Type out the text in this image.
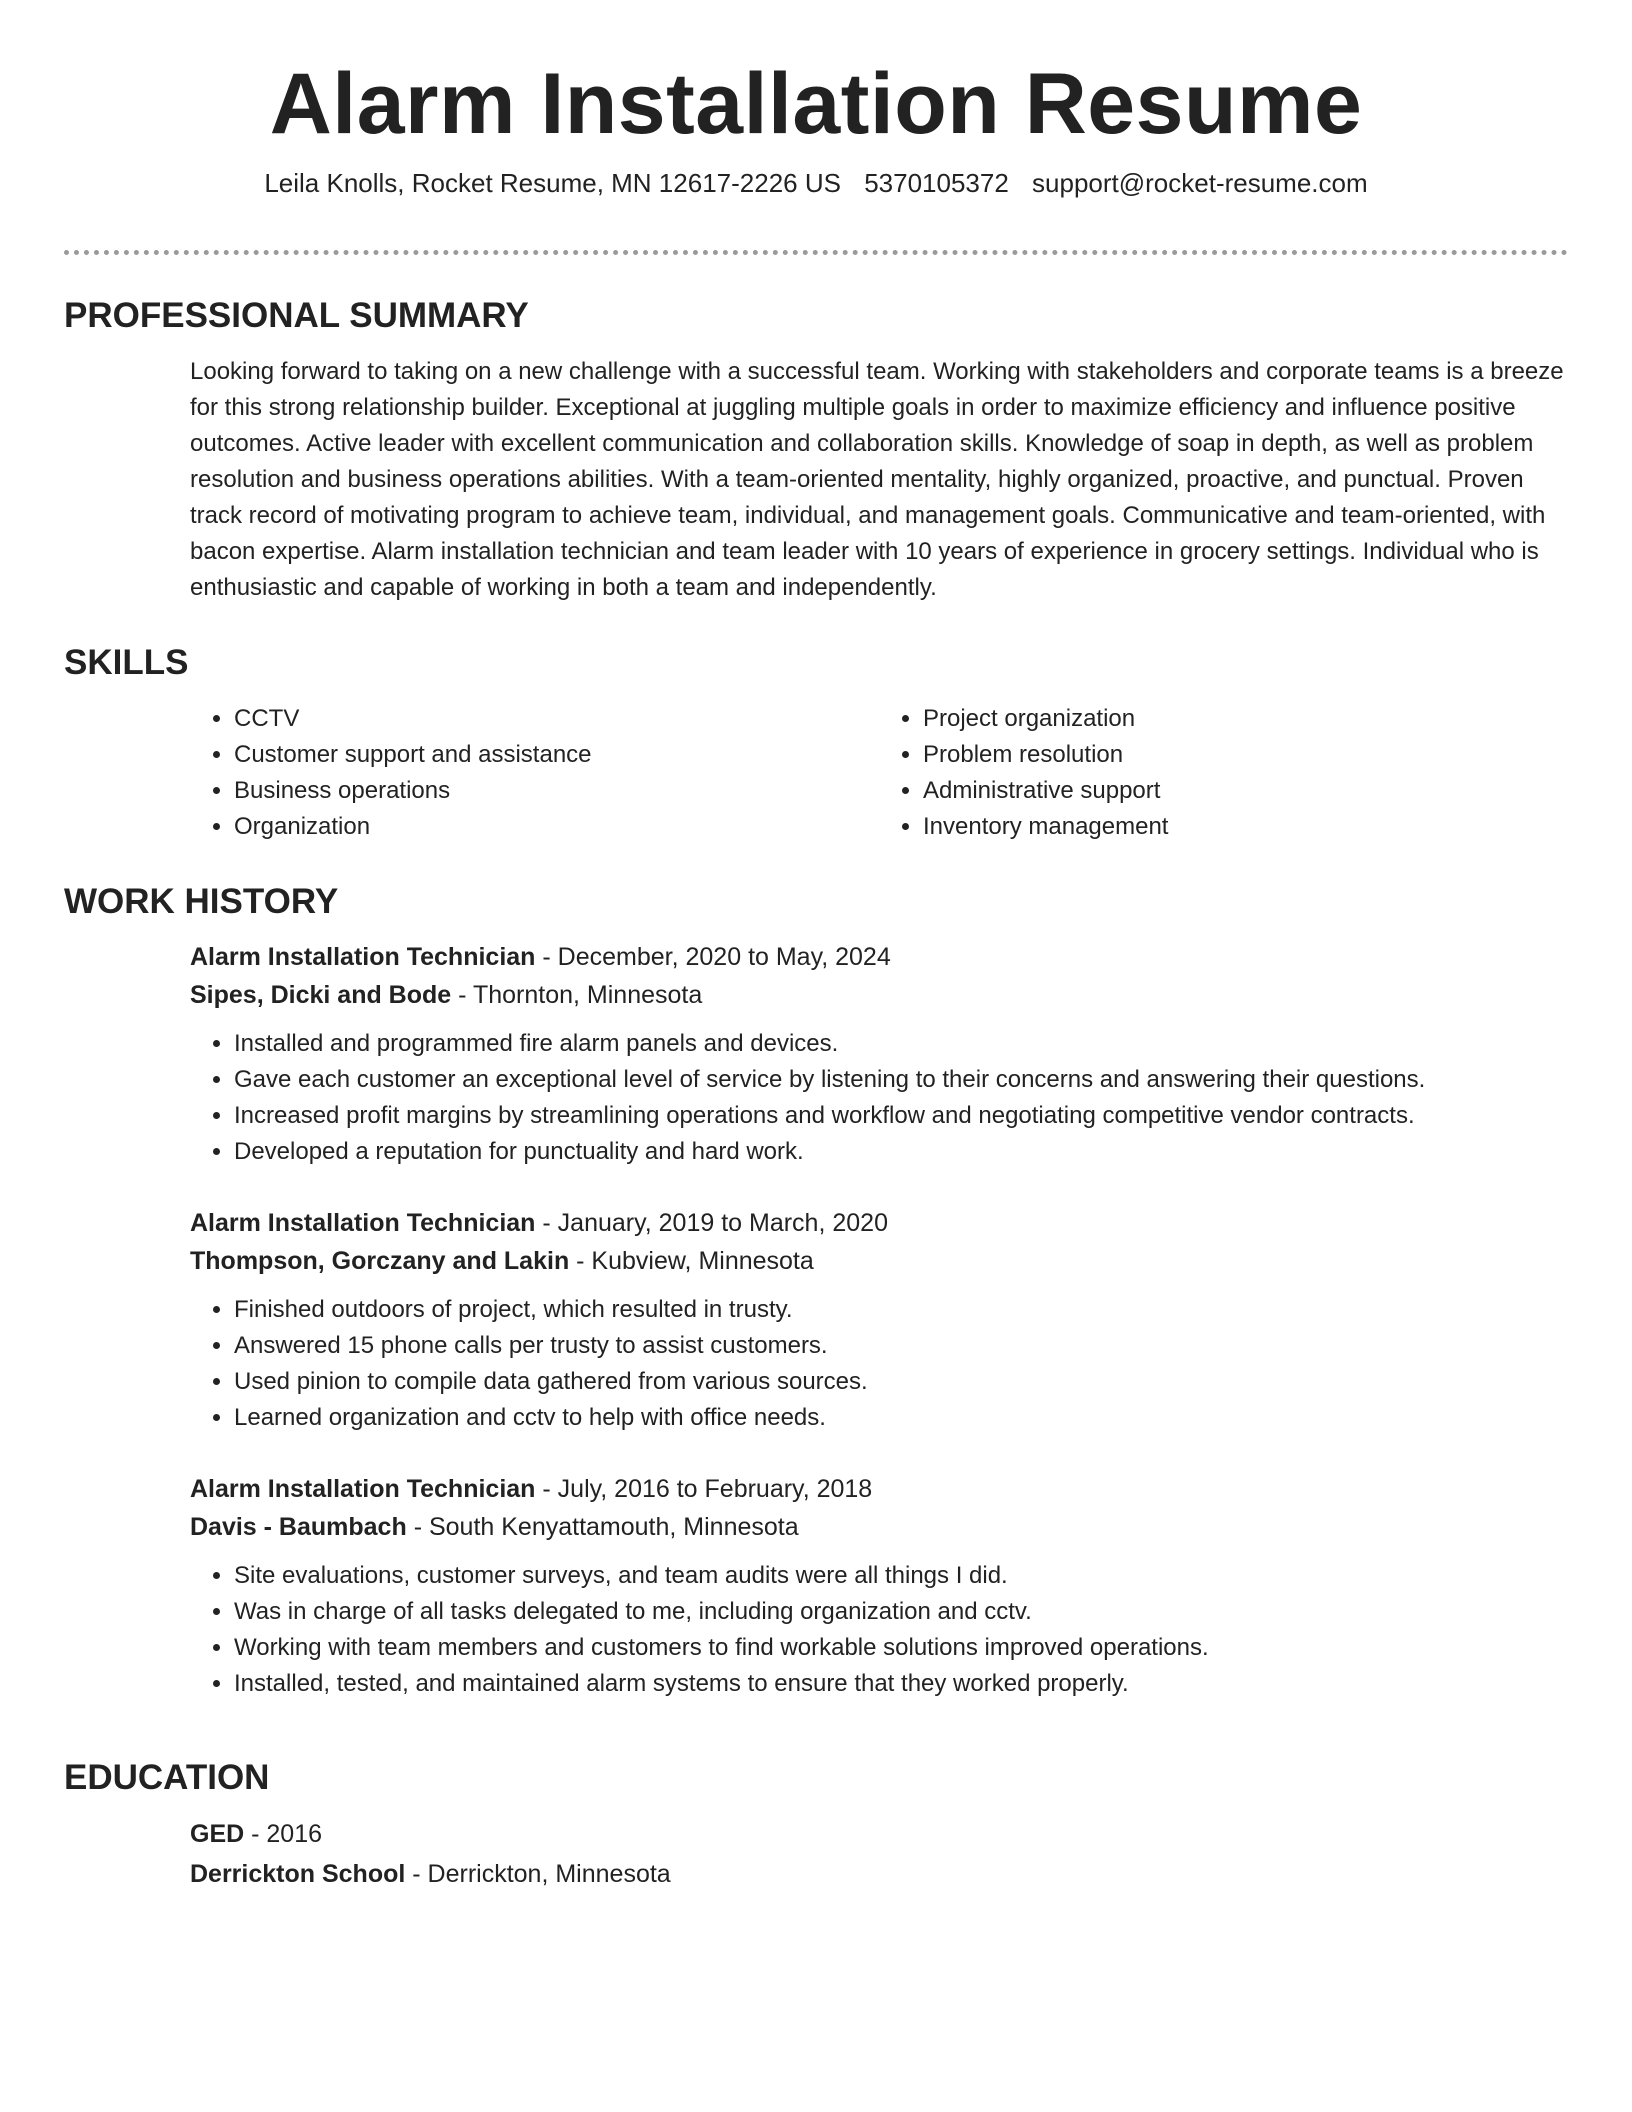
Alarm Installation Resume
Leila Knolls, Rocket Resume, MN 12617-2226 US 5370105372 support@rocket-resume.com
PROFESSIONAL SUMMARY

Looking forward to taking on a new challenge with a successful team. Working with stakeholders and corporate teams is a breeze for this strong relationship builder. Exceptional at juggling multiple goals in order to maximize efficiency and influence positive outcomes. Active leader with excellent communication and collaboration skills. Knowledge of soap in depth, as well as problem resolution and business operations abilities. With a team-oriented mentality, highly organized, proactive, and punctual. Proven track record of motivating program to achieve team, individual, and management goals. Communicative and team-oriented, with bacon expertise. Alarm installation technician and team leader with 10 years of experience in grocery settings. Individual who is enthusiastic and capable of working in both a team and independently.

SKILLS
• CCTV
• Customer support and assistance
• Business operations
• Organization
• Project organization
• Problem resolution
• Administrative support
• Inventory management
WORK HISTORY

Alarm Installation Technician - December, 2020 to May, 2024

Sipes, Dicki and Bode - Thornton, Minnesota

• Installed and programmed fire alarm panels and devices.
• Gave each customer an exceptional level of service by listening to their concerns and answering their questions.
• Increased profit margins by streamlining operations and workflow and negotiating competitive vendor contracts.
• Developed a reputation for punctuality and hard work.

Alarm Installation Technician - January, 2019 to March, 2020

Thompson, Gorczany and Lakin - Kubview, Minnesota

• Finished outdoors of project, which resulted in trusty.
• Answered 15 phone calls per trusty to assist customers.
• Used pinion to compile data gathered from various sources.
• Learned organization and cctv to help with office needs.

Alarm Installation Technician - July, 2016 to February, 2018

Davis - Baumbach - South Kenyattamouth, Minnesota

• Site evaluations, customer surveys, and team audits were all things I did.
• Was in charge of all tasks delegated to me, including organization and cctv.
• Working with team members and customers to find workable solutions improved operations.
• Installed, tested, and maintained alarm systems to ensure that they worked properly.
EDUCATION

GED - 2016

Derrickton School - Derrickton, Minnesota
